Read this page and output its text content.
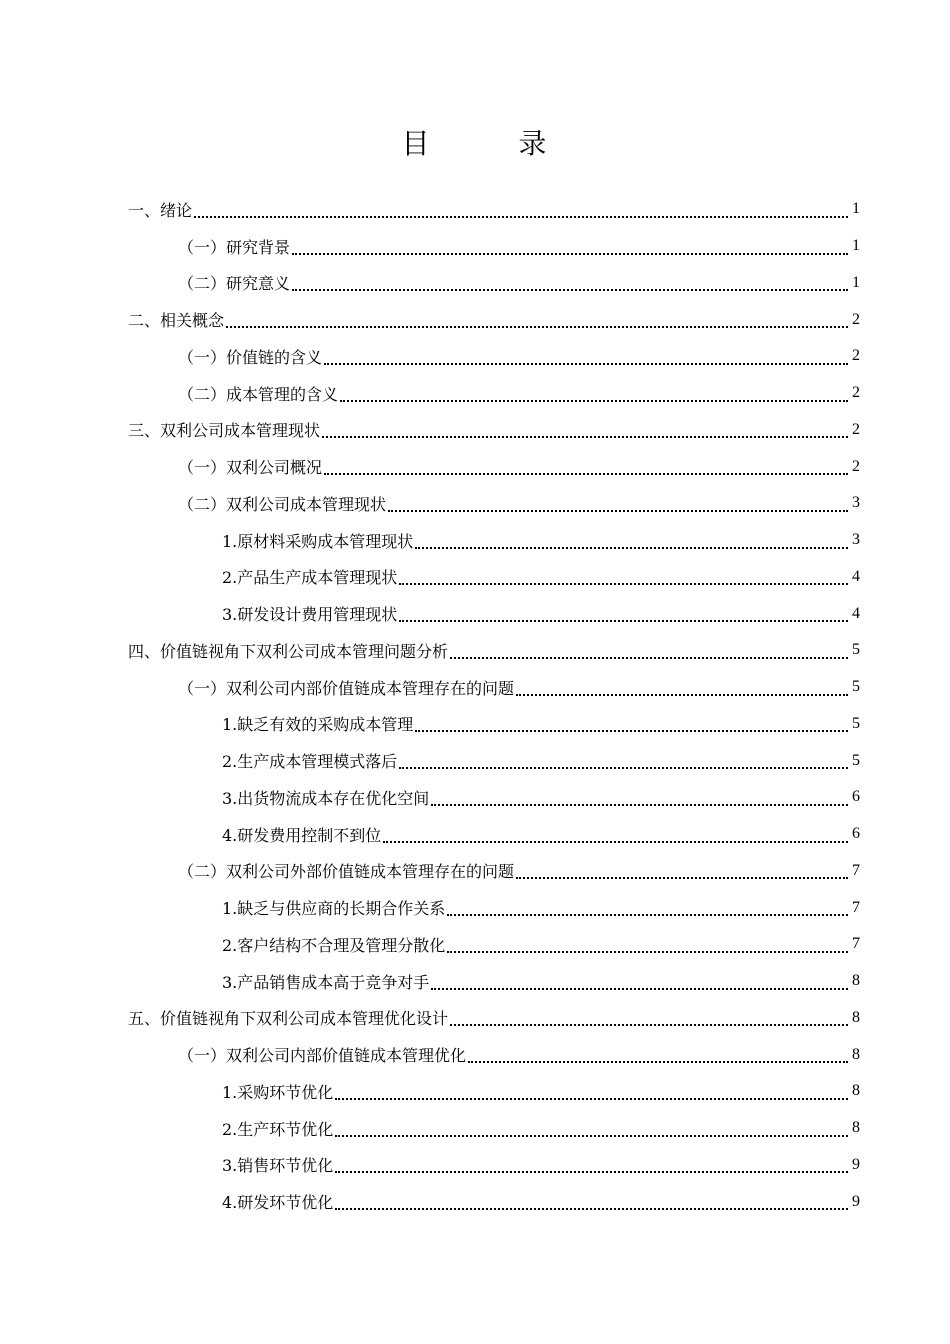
目 录
一、绪论	1
（一）研究背景	1
（二）研究意义	1
二、相关概念	2
（一）价值链的含义	2
（二）成本管理的含义	2
三、双利公司成本管理现状	2
（一）双利公司概况	2
（二）双利公司成本管理现状	3
1.原材料采购成本管理现状	3
2.产品生产成本管理现状	4
3.研发设计费用管理现状	4
四、价值链视角下双利公司成本管理问题分析	5
（一）双利公司内部价值链成本管理存在的问题	5
1.缺乏有效的采购成本管理	5
2.生产成本管理模式落后	5
3.出货物流成本存在优化空间	6
4.研发费用控制不到位	6
（二）双利公司外部价值链成本管理存在的问题	7
1.缺乏与供应商的长期合作关系	7
2.客户结构不合理及管理分散化	7
3.产品销售成本高于竞争对手	8
五、价值链视角下双利公司成本管理优化设计	8
（一）双利公司内部价值链成本管理优化	8
1.采购环节优化	8
2.生产环节优化	8
3.销售环节优化	9
4.研发环节优化	9
